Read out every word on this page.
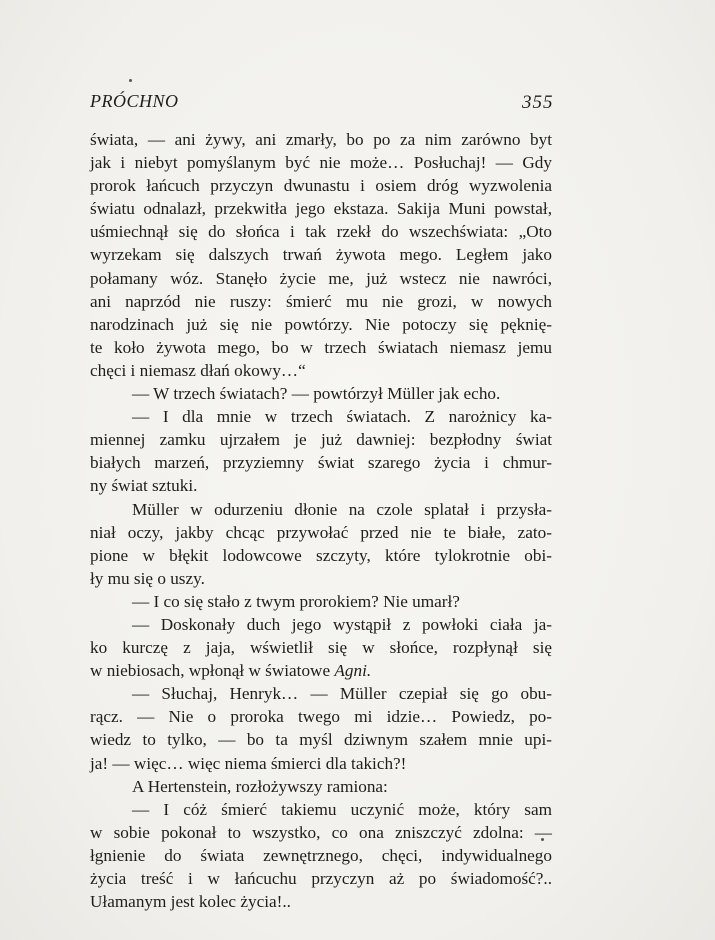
PRÓCHNO	355
świata, — ani żywy, ani zmarły, bo po za nim zarówno byt
jak i niebyt pomyślanym być nie może… Posłuchaj! — Gdy
prorok łańcuch przyczyn dwunastu i osiem dróg wyzwolenia
światu odnalazł, przekwitła jego ekstaza. Sakija Muni powstał,
uśmiechnął się do słońca i tak rzekł do wszechświata: „Oto
wyrzekam się dalszych trwań żywota mego. Ległem jako
połamany wóz. Stanęło życie me, już wstecz nie nawróci,
ani naprzód nie ruszy: śmierć mu nie grozi, w nowych
narodzinach już się nie powtórzy. Nie potoczy się pęknię-
te koło żywota mego, bo w trzech światach niemasz jemu
chęci i niemasz dłań okowy…“
— W trzech światach? — powtórzył Müller jak echo.
— I dla mnie w trzech światach. Z narożnicy ka-
miennej zamku ujrzałem je już dawniej: bezpłodny świat
białych marzeń, przyziemny świat szarego życia i chmur-
ny świat sztuki.
Müller w odurzeniu dłonie na czole splatał i przysła-
niał oczy, jakby chcąc przywołać przed nie te białe, zato-
pione w błękit lodowcowe szczyty, które tylokrotnie obi-
ły mu się o uszy.
— I co się stało z twym prorokiem? Nie umarł?
— Doskonały duch jego wystąpił z powłoki ciała ja-
ko kurczę z jaja, wświetlił się w słońce, rozpłynął się
w niebiosach, wpłonął w światowe Agni.
— Słuchaj, Henryk… — Müller czepiał się go obu-
rącz. — Nie o proroka twego mi idzie… Powiedz, po-
wiedz to tylko, — bo ta myśl dziwnym szałem mnie upi-
ja! — więc… więc niema śmierci dla takich?!
A Hertenstein, rozłożywszy ramiona:
— I cóż śmierć takiemu uczynić może, który sam
w sobie pokonał to wszystko, co ona zniszczyć zdolna: —
łgnienie do świata zewnętrznego, chęci, indywidualnego
życia treść i w łańcuchu przyczyn aż po świadomość?..
Ułamanym jest kolec życia!..
